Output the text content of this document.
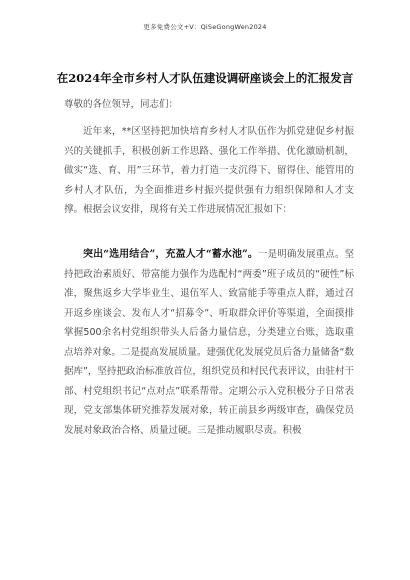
更多免费公文+V：QiSeGongWen2024
在2024年全市乡村人才队伍建设调研座谈会上的汇报发言
尊敬的各位领导，同志们：
近年来，**区坚持把加快培育乡村人才队伍作为抓党建促乡村振兴的关键抓手，积极创新工作思路、强化工作举措、优化激励机制，做实“选、育、用”三环节，着力打造一支沉得下、留得住、能管用的乡村人才队伍，为全面推进乡村振兴提供强有力组织保障和人才支撑。根据会议安排，现将有关工作进展情况汇报如下：
突出“选用结合”，充盈人才“蓄水池”。一是明确发展重点。坚持把政治素质好、带富能力强作为选配村“两委”班子成员的“硬性”标准，聚焦返乡大学毕业生、退伍军人、致富能手等重点人群，通过召开返乡座谈会、发布人才“招募令”、听取群众评价等渠道，全面摸排掌握500余名村党组织带头人后备力量信息，分类建立台账，选取重点培养对象。二是提高发展质量。建强优化发展党员后备力量储备“数据库”，坚持把政治标准放首位，组织党员和村民代表评议，由驻村干部、村党组织书记“点对点”联系帮带。定期公示入党积极分子日常表现，党支部集体研究推荐发展对象，转正前县乡两级审查，确保党员发展对象政治合格、质量过硬。三是推动履职尽责。积极
